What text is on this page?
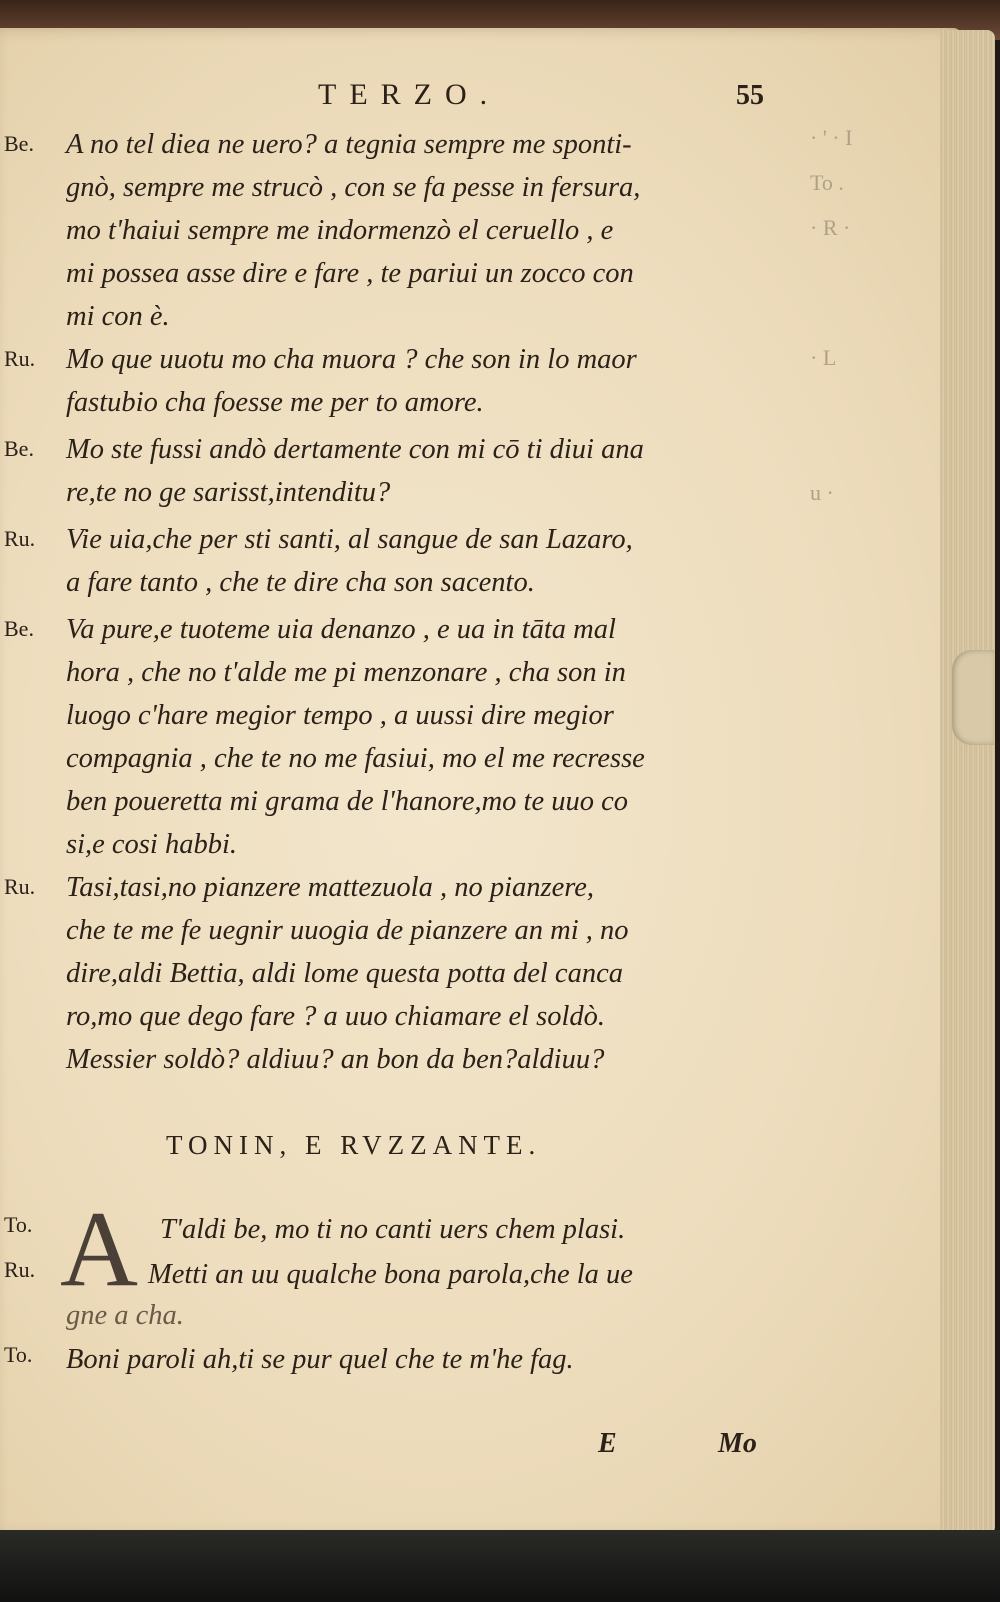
TERZO.	55
Be. A no tel diea ne uero? a tegnia sempre me sponti-
gnò, sempre me strucò , con se fa pesse in fersura,
mo t'haiui sempre me indormenzò el ceruello , e
mi possea asse dire e fare , te pariui un zocco con
mi con è.
Ru. Mo que uuotu mo cha muora ? che son in lo maor
fastubio cha foesse me per to amore.
Be. Mo ste fussi andò dertamente con mi cō ti diui ana
re,te no ge sarisst,intenditu?
Ru. Vie uia,che per sti santi, al sangue de san Lazaro,
a fare tanto , che te dire cha son sacento.
Be. Va pure,e tuoteme uia denanzo , e ua in tāta mal
hora , che no t'alde me pi menzonare , cha son in
luogo c'hare megior tempo , a uussi dire megior
compagnia , che te no me fasiui, mo el me recresse
ben poueretta mi grama de l'hanore,mo te uuo co
si,e cosi habbi.
Ru. Tasi,tasi,no pianzere mattezuola , no pianzere,
che te me fe uegnir uuogia de pianzere an mi , no
dire,aldi Bettia, aldi lome questa potta del canca
ro,mo que dego fare ? a uuo chiamare el soldò.
Messier soldò? aldiuu? an bon da ben?aldiuu?
· ' · I
To .
· R ·
· L
u ·
TONIN, E RVZZANTE.
To.
Ru.
To.
A T'aldi be, mo ti no canti uers chem plasi.
Metti an uu qualche bona parola,che la ue
gne a cha.
Boni paroli ah,ti se pur quel che te m'he fag.
E	Mo
